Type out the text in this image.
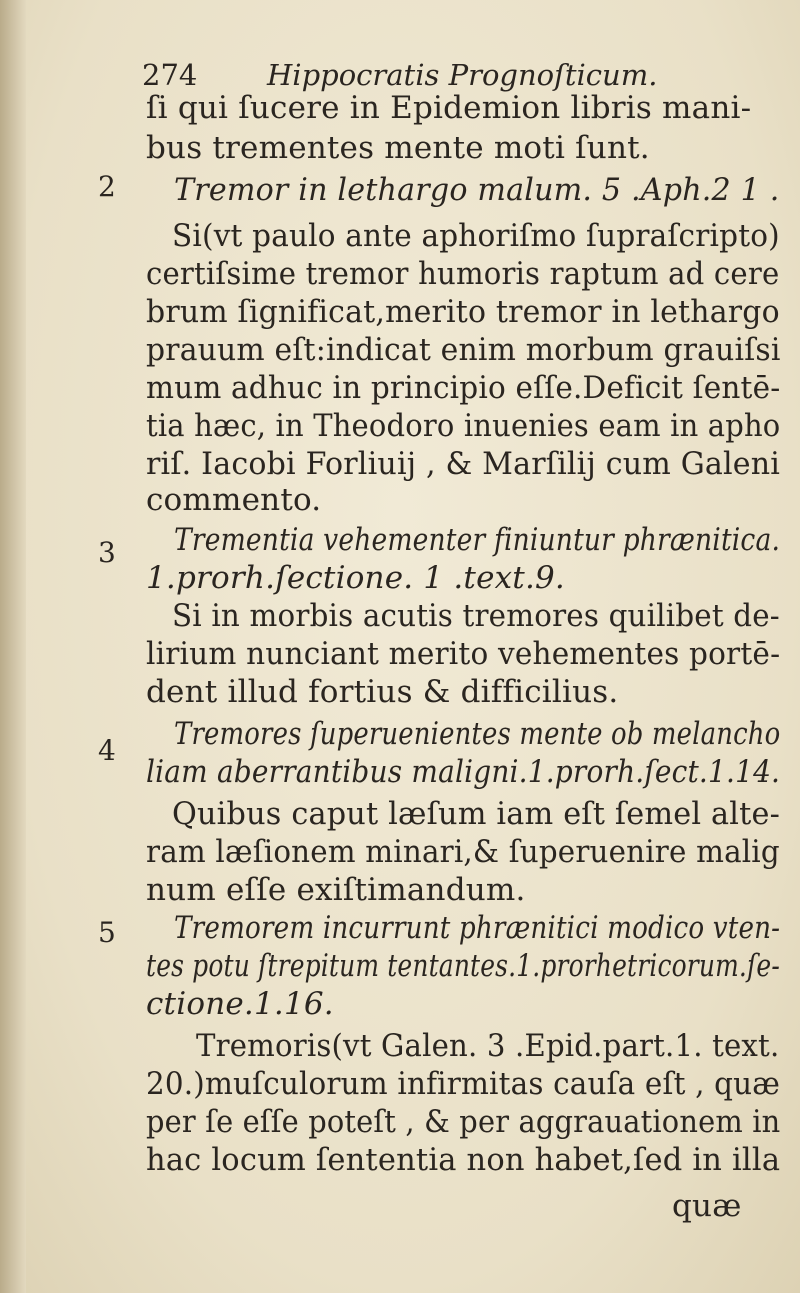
274 Hippocratis Prognoſticum.
2
3
4
5
ſi qui ſucere in Epidemion libris mani-
bus trementes mente moti ſunt.
Tremor in lethargo malum. 5 .Aph.2 1 .
Si(vt paulo ante aphoriſmo ſupraſcripto)
certiſsime tremor humoris raptum ad cere
brum ſignificat,merito tremor in lethargo
prauum eſt:indicat enim morbum grauiſsi
mum adhuc in principio eſſe.Deficit ſentē-
tia hæc, in Theodoro inuenies eam in apho
riſ. Iacobi Forliuij , & Marſilij cum Galeni
commento.
Trementia vehementer finiuntur phrænitica.
1.prorh.ſectione. 1 .text.9.
Si in morbis acutis tremores quilibet de-
lirium nunciant merito vehementes portē-
dent illud fortius & difficilius.
Tremores ſuperuenientes mente ob melancho
liam aberrantibus maligni.1.prorh.ſect.1.14.
Quibus caput læſum iam eſt ſemel alte-
ram læſionem minari,& ſuperuenire malig
num eſſe exiſtimandum.
Tremorem incurrunt phrænitici modico vten-
tes potu ſtrepitum tentantes.1.prorhetricorum.ſe-
ctione.1.16.
Tremoris(vt Galen. 3 .Epid.part.1. text.
20.)muſculorum infirmitas cauſa eſt , quæ
per ſe eſſe poteſt , & per aggrauationem in
hac locum ſententia non habet,ſed in illa
quæ
